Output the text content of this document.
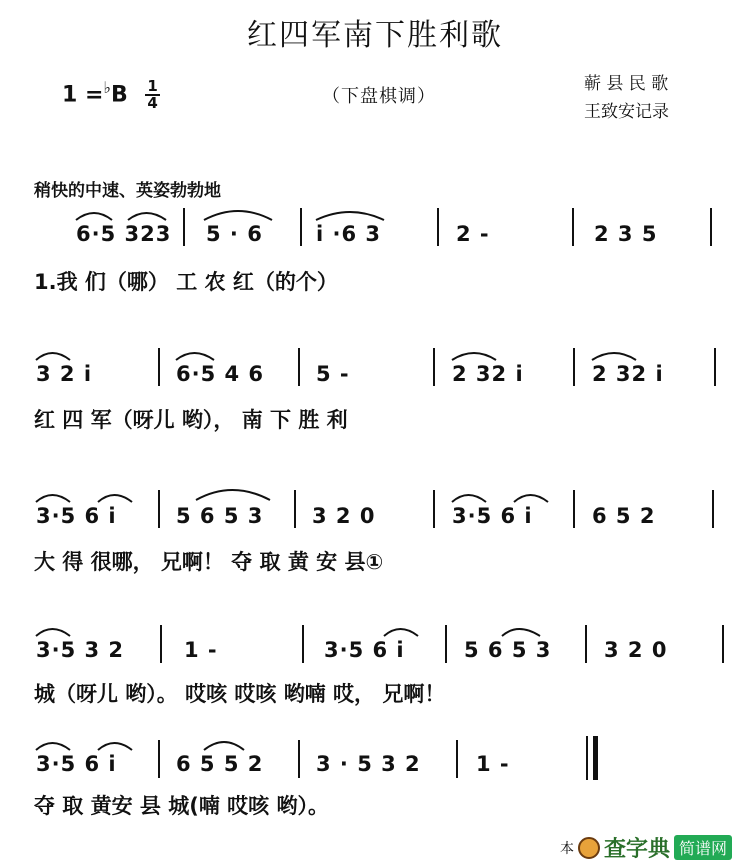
红四军南下胜利歌
$1 =^♭B \frac{1}{4}$	（下盘棋调）
蕲 县 民 歌
王致安记录
稍快的中速、英姿勃勃地
6·5 323 5 · 6	i ·6 3	2 -	2 3 5
1.我 们（哪） 工 农 红（的个）
3 2 i	6·5 4 6 5 -	2 32 i	2 32 i
红 四 军（呀儿 哟）， 南 下 胜 利
3·5 6 i	5 6 5 3 3 2 0	3·5 6 i	6 5 2
大 得 很哪， 兄啊！ 夺 取 黄 安 县①
3·5 3 2	1 -	3·5 6 i	5 6 5 3	3 2 0
城（呀儿 哟）。 哎咳 哎咳 哟喃 哎， 兄啊！
3·5 6 i	6 5 5 2	3 · 5 3 2	1 -
夺 取 黄安 县 城(喃 哎咳 哟）。
本 查字典 简谱网
